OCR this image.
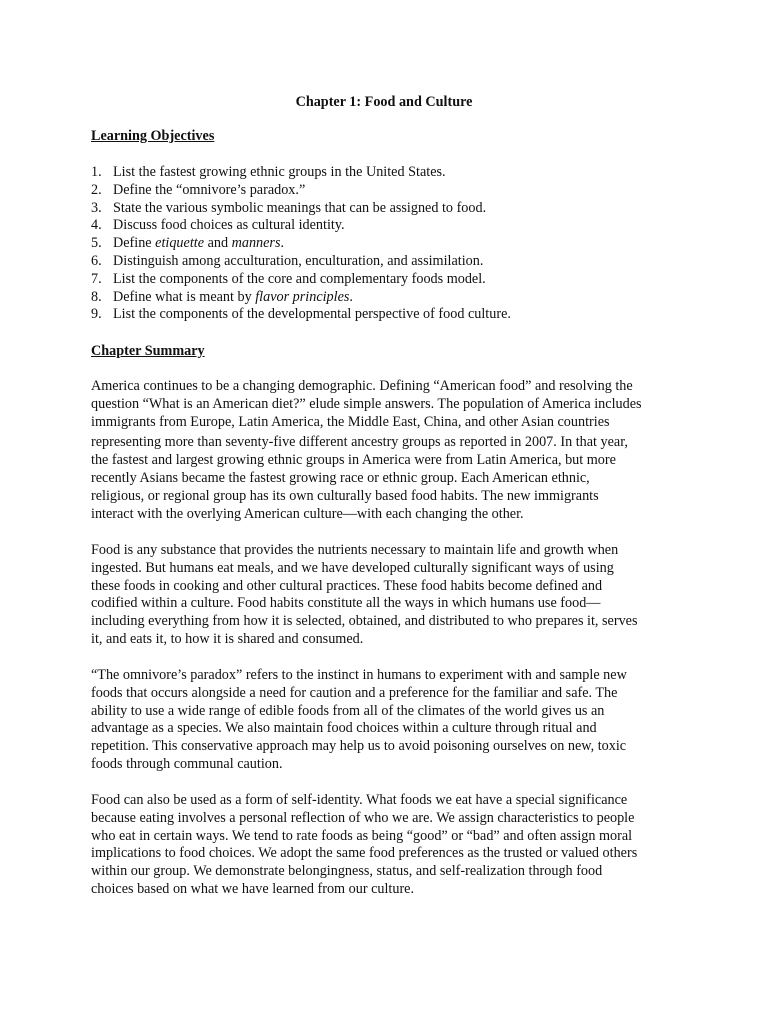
Chapter 1: Food and Culture
Learning Objectives
1. List the fastest growing ethnic groups in the United States.
2. Define the “omnivore’s paradox.”
3. State the various symbolic meanings that can be assigned to food.
4. Discuss food choices as cultural identity.
5. Define etiquette and manners.
6. Distinguish among acculturation, enculturation, and assimilation.
7. List the components of the core and complementary foods model.
8. Define what is meant by flavor principles.
9. List the components of the developmental perspective of food culture.
Chapter Summary

America continues to be a changing demographic. Defining “American food” and resolving the
question “What is an American diet?” elude simple answers. The population of America includes
immigrants from Europe, Latin America, the Middle East, China, and other Asian countries
representing more than seventy-five different ancestry groups as reported in 2007. In that year,
the fastest and largest growing ethnic groups in America were from Latin America, but more
recently Asians became the fastest growing race or ethnic group. Each American ethnic,
religious, or regional group has its own culturally based food habits. The new immigrants
interact with the overlying American culture—with each changing the other.

Food is any substance that provides the nutrients necessary to maintain life and growth when
ingested. But humans eat meals, and we have developed culturally significant ways of using
these foods in cooking and other cultural practices. These food habits become defined and
codified within a culture. Food habits constitute all the ways in which humans use food—
including everything from how it is selected, obtained, and distributed to who prepares it, serves
it, and eats it, to how it is shared and consumed.

“The omnivore’s paradox” refers to the instinct in humans to experiment with and sample new
foods that occurs alongside a need for caution and a preference for the familiar and safe. The
ability to use a wide range of edible foods from all of the climates of the world gives us an
advantage as a species. We also maintain food choices within a culture through ritual and
repetition. This conservative approach may help us to avoid poisoning ourselves on new, toxic
foods through communal caution.

Food can also be used as a form of self-identity. What foods we eat have a special significance
because eating involves a personal reflection of who we are. We assign characteristics to people
who eat in certain ways. We tend to rate foods as being “good” or “bad” and often assign moral
implications to food choices. We adopt the same food preferences as the trusted or valued others
within our group. We demonstrate belongingness, status, and self-realization through food
choices based on what we have learned from our culture.
